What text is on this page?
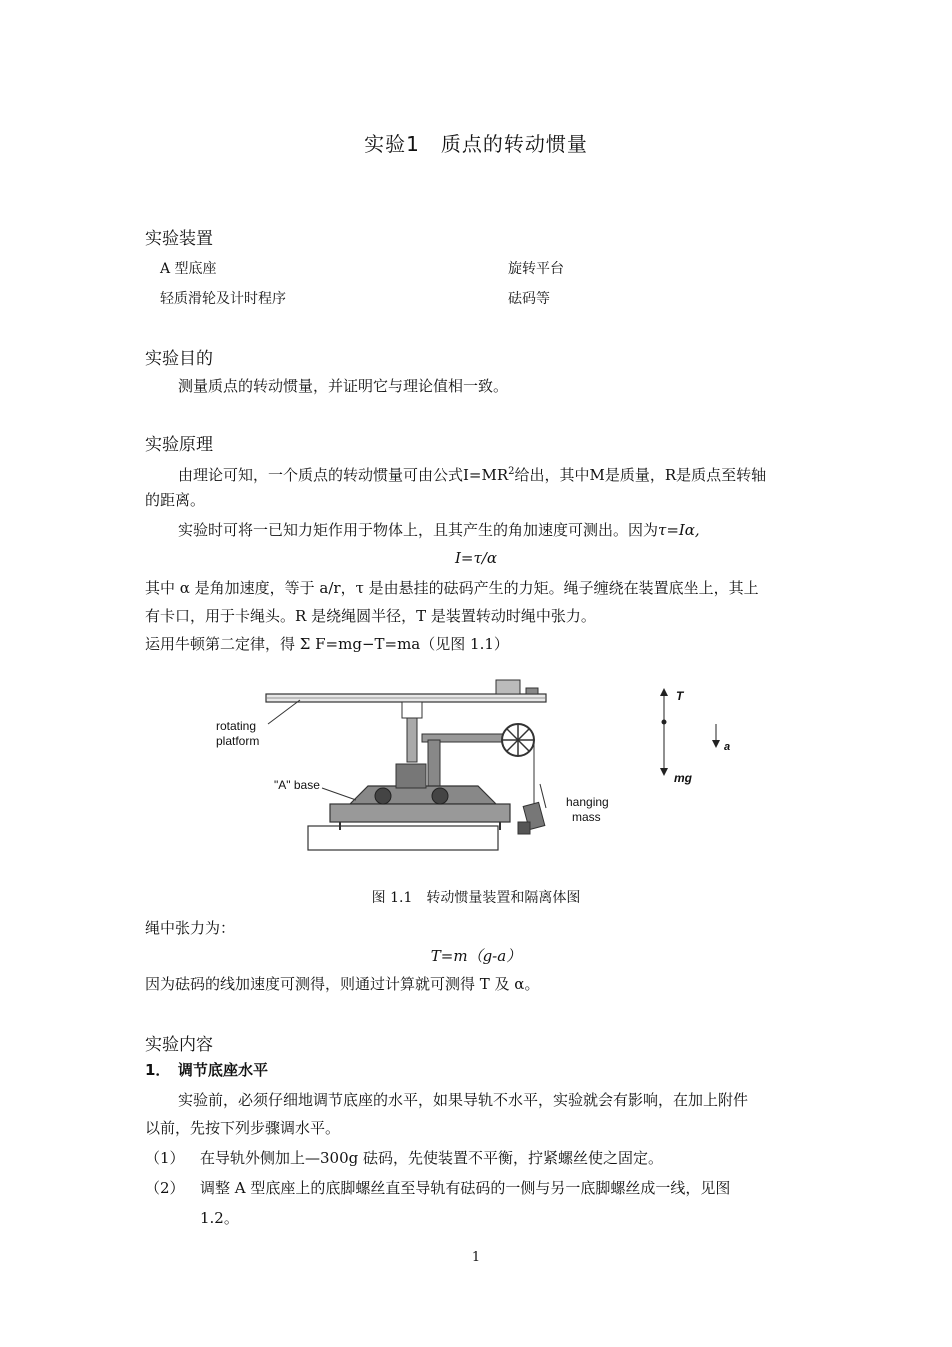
实验1　质点的转动惯量
实验装置
A 型底座	旋转平台
轻质滑轮及计时程序	砝码等
实验目的
测量质点的转动惯量，并证明它与理论值相一致。
实验原理
由理论可知，一个质点的转动惯量可由公式$I=MR^2$给出，其中M是质量，R是质点至转轴
的距离。
实验时可将一已知力矩作用于物体上，且其产生的角加速度可测出。因为τ=Iα,
I=τ/α
其中 α 是角加速度，等于 a/r，τ 是由悬挂的砝码产生的力矩。绳子缠绕在装置底坐上，其上
有卡口，用于卡绳头。R 是绕绳圆半径，T 是装置转动时绳中张力。
运用牛顿第二定律，得 Σ F=mg−T=ma（见图 1.1）
rotating
platform
"A" base
hanging
mass
T
a
mg
图 1.1　转动惯量装置和隔离体图
绳中张力为：
T=m（g-a）
因为砝码的线加速度可测得，则通过计算就可测得 T 及 α。
实验内容
1．　调节底座水平
实验前，必须仔细地调节底座的水平，如果导轨不水平，实验就会有影响，在加上附件
以前，先按下列步骤调水平。
（1） 在导轨外侧加上—300g 砝码，先使装置不平衡，拧紧螺丝使之固定。
（2） 调整 A 型底座上的底脚螺丝直至导轨有砝码的一侧与另一底脚螺丝成一线，见图
1.2。
1
